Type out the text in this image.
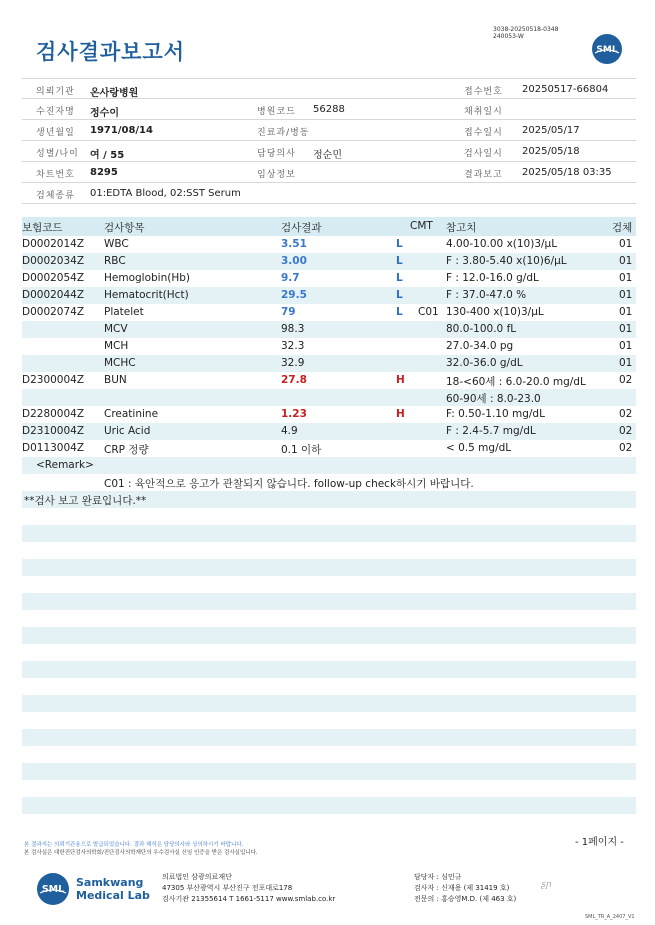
검사결과보고서
3038-20250518-0348
240053-W
SML
의뢰기관 온사랑병원	접수번호 20250517-66804
수진자명 정수이	병원코드 56288	채취일시
생년월일 1971/08/14	진료과/병동	접수일시 2025/05/17
성별/나이 여 / 55	담당의사 정순민	검사일시 2025/05/18
차트번호 8295	임상정보	결과보고 2025/05/18 03:35
검체종류 01:EDTA Blood, 02:SST Serum
보험코드	검사항목	검사결과	CMT 참고치	검체
D0002014Z WBC	3.51	L	4.00-10.00 x(10)3/μL	01
D0002034Z RBC	3.00	L	F : 3.80-5.40 x(10)6/μL	01
D0002054Z Hemoglobin(Hb)	9.7	L	F : 12.0-16.0 g/dL	01
D0002044Z Hematocrit(Hct)	29.5	L	F : 37.0-47.0 %	01
D0002074Z Platelet	79	L C01 130-400 x(10)3/μL	01
MCV	98.3	80.0-100.0 fL	01
MCH	32.3	27.0-34.0 pg	01
MCHC	32.9	32.0-36.0 g/dL	01
D2300004Z BUN	27.8	H	18-<60세 : 6.0-20.0 mg/dL	02
60-90세 : 8.0-23.0
D2280004Z Creatinine	1.23	H	F: 0.50-1.10 mg/dL	02
D2310004Z Uric Acid	4.9	F : 2.4-5.7 mg/dL	02
D0113004Z CRP 정량	0.1 이하	< 0.5 mg/dL	02
<Remark>
C01 : 육안적으로 응고가 관찰되지 않습니다. follow-up check하시기 바랍니다.
**검사 보고 완료입니다.**
- 1페이지 -
본 결과지는 의뢰기관용으로 발급되었습니다. 결과 해석은 담당의사와 상의하시기 바랍니다.
본 검사실은 대한진단검사의학회/진단검사의학재단의 우수검사실 신임 인증을 받은 검사실입니다.
SML
Samkwang
Medical Lab
의료법인 삼광의료재단
47305 부산광역시 부산진구 전포대로178
검사기관 21355614 T 1661-5117 www.smlab.co.kr
담당자 : 심민규
검사자 : 신재용 (제 31419 호)
전문의 : 홍승영M.D. (제 463 호)
ʂɲ
SML_TR_A_2407_V1
